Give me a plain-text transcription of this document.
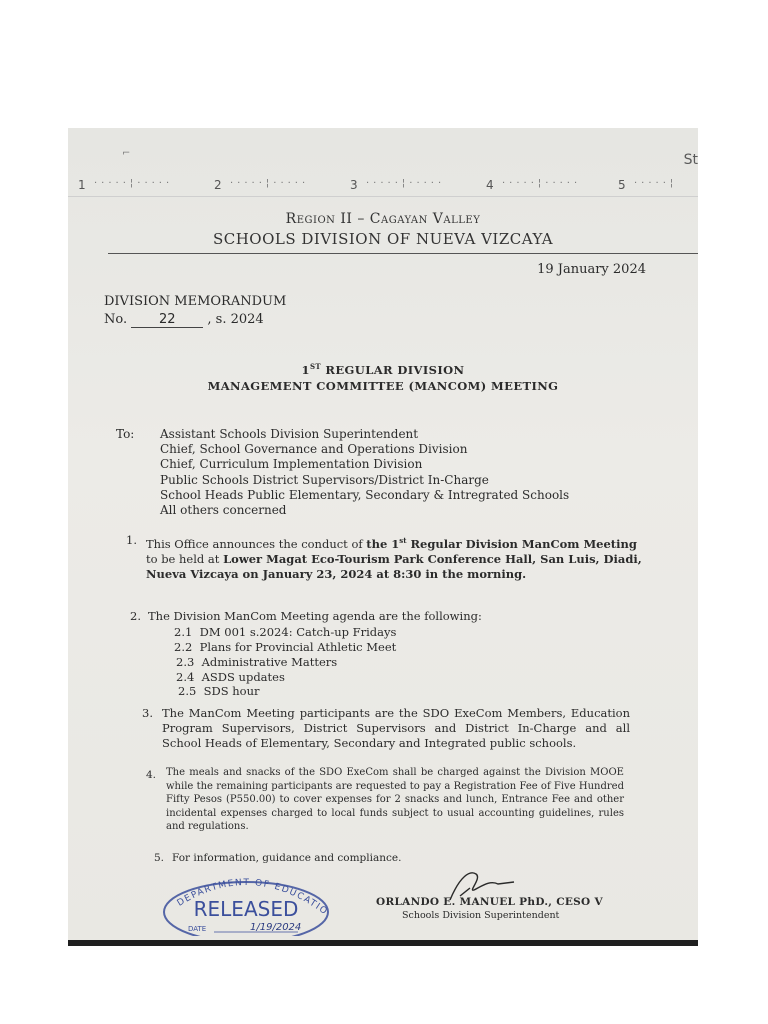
⌐	St
1 ·····¦·····	2 ·····¦·····	3 ·····¦·····	4 ·····¦·····	5 ·····¦
Region II – Cagayan Valley
SCHOOLS DIVISION OF NUEVA VIZCAYA
19 January 2024
DIVISION MEMORANDUM
No. 22 , s. 2024
1ST REGULAR DIVISION
MANAGEMENT COMMITTEE (MANCOM) MEETING
To: Assistant Schools Division Superintendent
Chief, School Governance and Operations Division
Chief, Curriculum Implementation Division
Public Schools District Supervisors/District In-Charge
School Heads Public Elementary, Secondary & Intregrated Schools
All others concerned
1. This Office announces the conduct of the 1st Regular Division ManCom Meeting to be held at Lower Magat Eco-Tourism Park Conference Hall, San Luis, Diadi, Nueva Vizcaya on January 23, 2024 at 8:30 in the morning.
2. The Division ManCom Meeting agenda are the following:
2.1 DM 001 s.2024: Catch-up Fridays
2.2 Plans for Provincial Athletic Meet
2.3 Administrative Matters
2.4 ASDS updates
2.5 SDS hour
3. The ManCom Meeting participants are the SDO ExeCom Members, Education Program Supervisors, District Supervisors and District In-Charge and all School Heads of Elementary, Secondary and Integrated public schools.
4. The meals and snacks of the SDO ExeCom shall be charged against the Division MOOE while the remaining participants are requested to pay a Registration Fee of Five Hundred Fifty Pesos (P550.00) to cover expenses for 2 snacks and lunch, Entrance Fee and other incidental expenses charged to local funds subject to usual accounting guidelines, rules and regulations.
5. For information, guidance and compliance.
DEPARTMENT OF EDUCATIO
RELEASED
DATE	1/19/2024
ORLANDO E. MANUEL PhD., CESO V
Schools Division Superintendent
